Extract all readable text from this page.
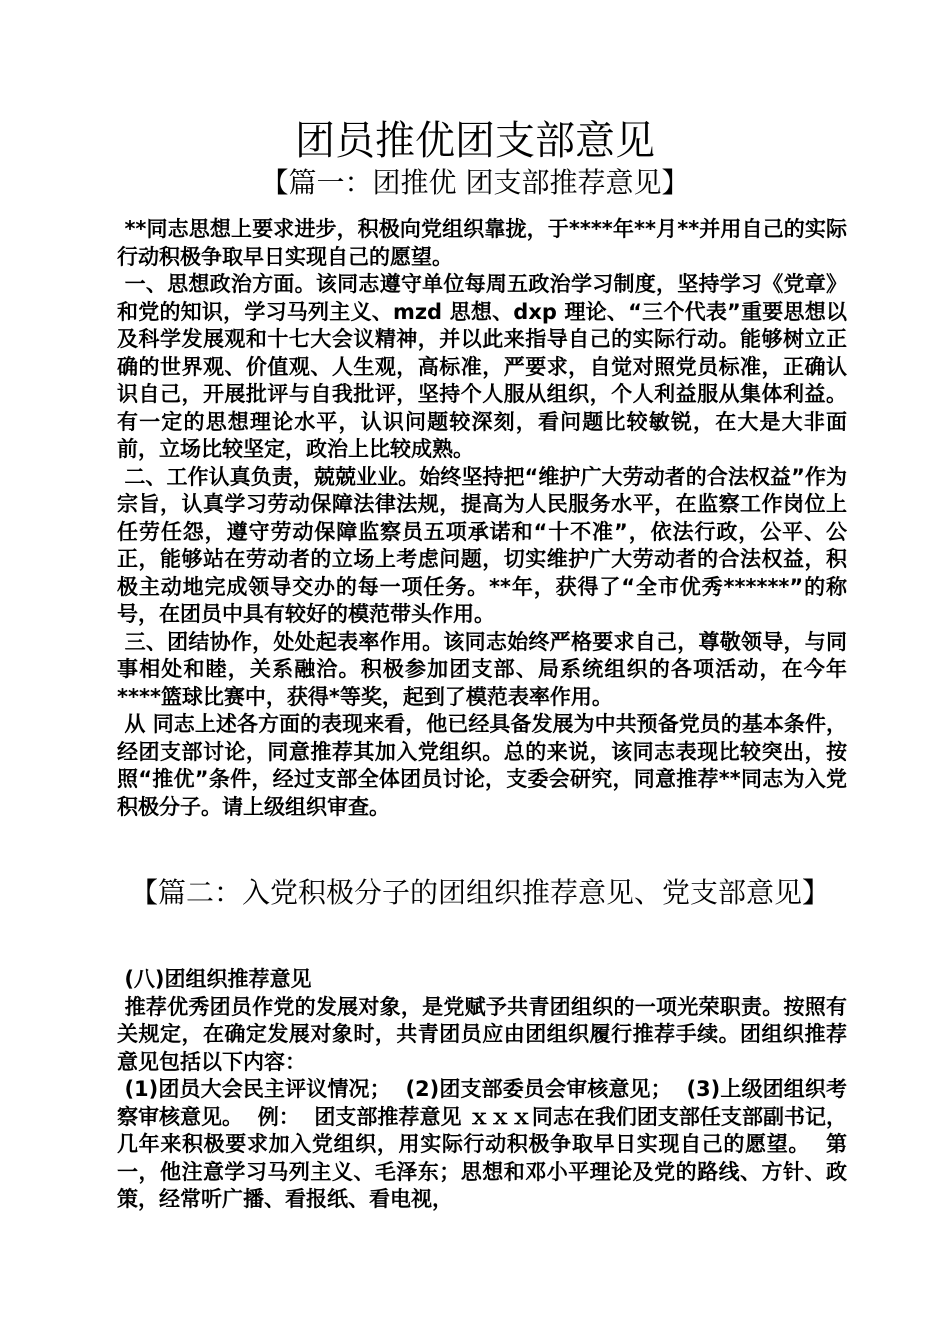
团员推优团支部意见
【篇一：团推优 团支部推荐意见】

**同志思想上要求进步，积极向党组织靠拢，于****年**月**并用自己的实际行动积极争取早日实现自己的愿望。

一、思想政治方面。该同志遵守单位每周五政治学习制度，坚持学习《党章》和党的知识，学习马列主义、mzd 思想、dxp 理论、“三个代表”重要思想以及科学发展观和十七大会议精神，并以此来指导自己的实际行动。能够树立正确的世界观、价值观、人生观，高标准，严要求，自觉对照党员标准，正确认识自己，开展批评与自我批评，坚持个人服从组织，个人利益服从集体利益。有一定的思想理论水平，认识问题较深刻，看问题比较敏锐，在大是大非面前，立场比较坚定，政治上比较成熟。

二、工作认真负责，兢兢业业。始终坚持把“维护广大劳动者的合法权益”作为宗旨，认真学习劳动保障法律法规，提高为人民服务水平，在监察工作岗位上任劳任怨，遵守劳动保障监察员五项承诺和“十不准”，依法行政，公平、公正，能够站在劳动者的立场上考虑问题，切实维护广大劳动者的合法权益，积极主动地完成领导交办的每一项任务。**年，获得了“全市优秀******”的称号，在团员中具有较好的模范带头作用。

三、团结协作，处处起表率作用。该同志始终严格要求自己，尊敬领导，与同事相处和睦，关系融洽。积极参加团支部、局系统组织的各项活动，在今年****篮球比赛中，获得*等奖，起到了模范表率作用。

从 同志上述各方面的表现来看，他已经具备发展为中共预备党员的基本条件，经团支部讨论，同意推荐其加入党组织。总的来说，该同志表现比较突出，按照“推优”条件，经过支部全体团员讨论，支委会研究，同意推荐**同志为入党积极分子。请上级组织审查。

【篇二：入党积极分子的团组织推荐意见、党支部意见】

(八)团组织推荐意见

推荐优秀团员作党的发展对象，是党赋予共青团组织的一项光荣职责。按照有关规定，在确定发展对象时，共青团员应由团组织履行推荐手续。团组织推荐意见包括以下内容：

(1)团员大会民主评议情况；  (2)团支部委员会审核意见；  (3)上级团组织考察审核意见。  例：  团支部推荐意见 ｘｘｘ同志在我们团支部任支部副书记，几年来积极要求加入党组织，用实际行动积极争取早日实现自己的愿望。  第一，他注意学习马列主义、毛泽东；思想和邓小平理论及党的路线、方针、政策，经常听广播、看报纸、看电视，
